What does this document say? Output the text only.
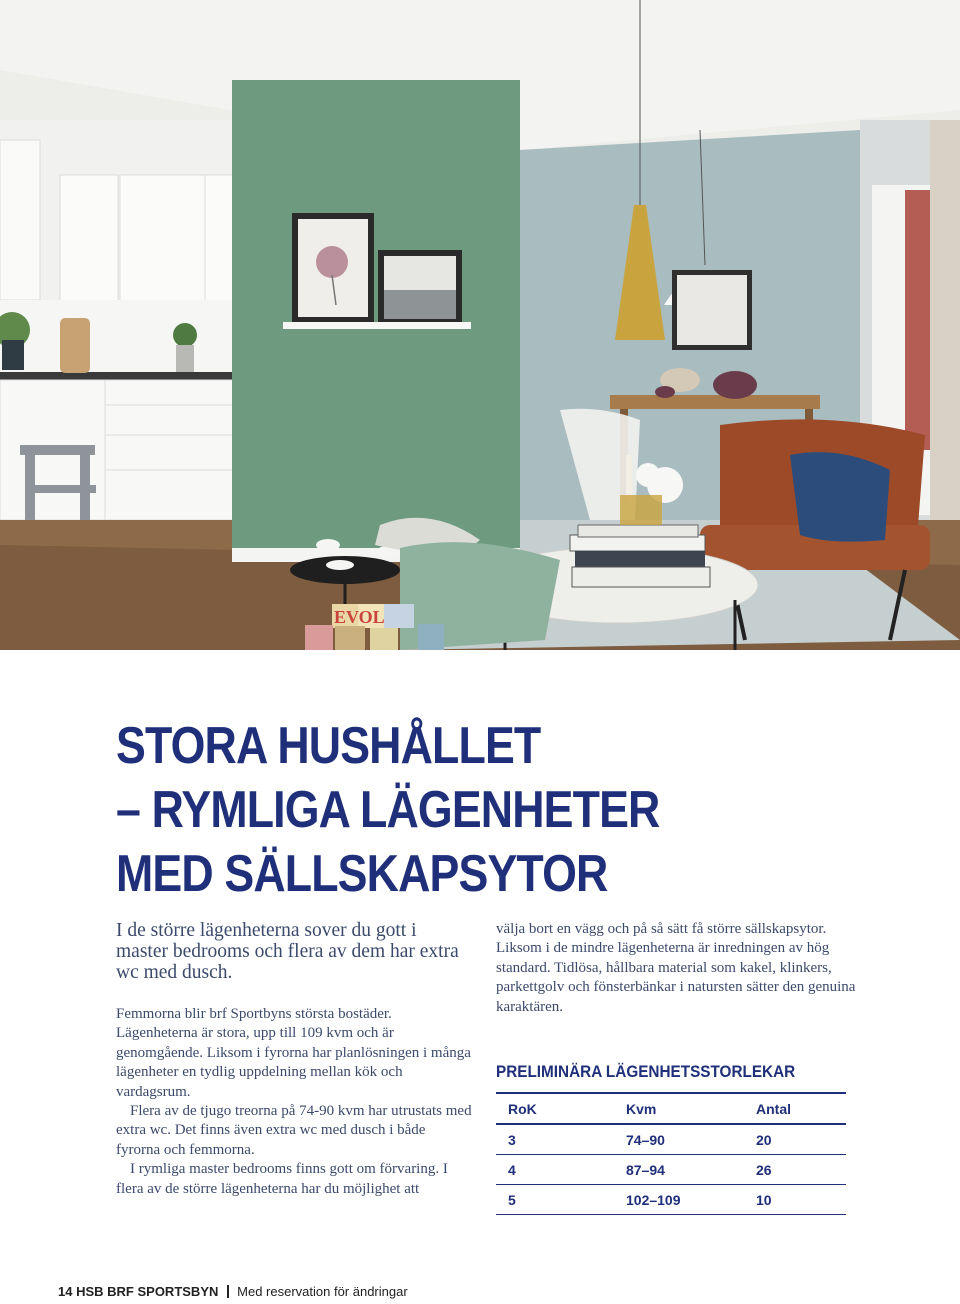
EVOL
STORA HUSHÅLLET
– RYMLIGA LÄGENHETER
MED SÄLLSKAPSYTOR

I de större lägenheterna sover du gott i master bedrooms och flera av dem har extra wc med dusch.

Femmorna blir brf Sportbyns största bostäder. Lägenheterna är stora, upp till 109 kvm och är genomgående. Liksom i fyrorna har planlösningen i många lägenheter en tydlig uppdelning mellan kök och vardagsrum.

Flera av de tjugo treorna på 74-90 kvm har utrustats med extra wc. Det finns även extra wc med dusch i både fyrorna och femmorna.

I rymliga master bedrooms finns gott om förvaring. I flera av de större lägenheterna har du möjlighet att

välja bort en vägg och på så sätt få större sällskapsytor. Liksom i de mindre lägenheterna är inredningen av hög standard. Tidlösa, hållbara material som kakel, klinkers, parkettgolv och fönsterbänkar i natursten sätter den genuina karaktären.

PRELIMINÄRA LÄGENHETSSTORLEKAR
RoK	Kvm	Antal
3	74–90	20
4	87–94	26
5	102–109	10
14 HSB BRF SPORTSBYN Med reservation för ändringar
